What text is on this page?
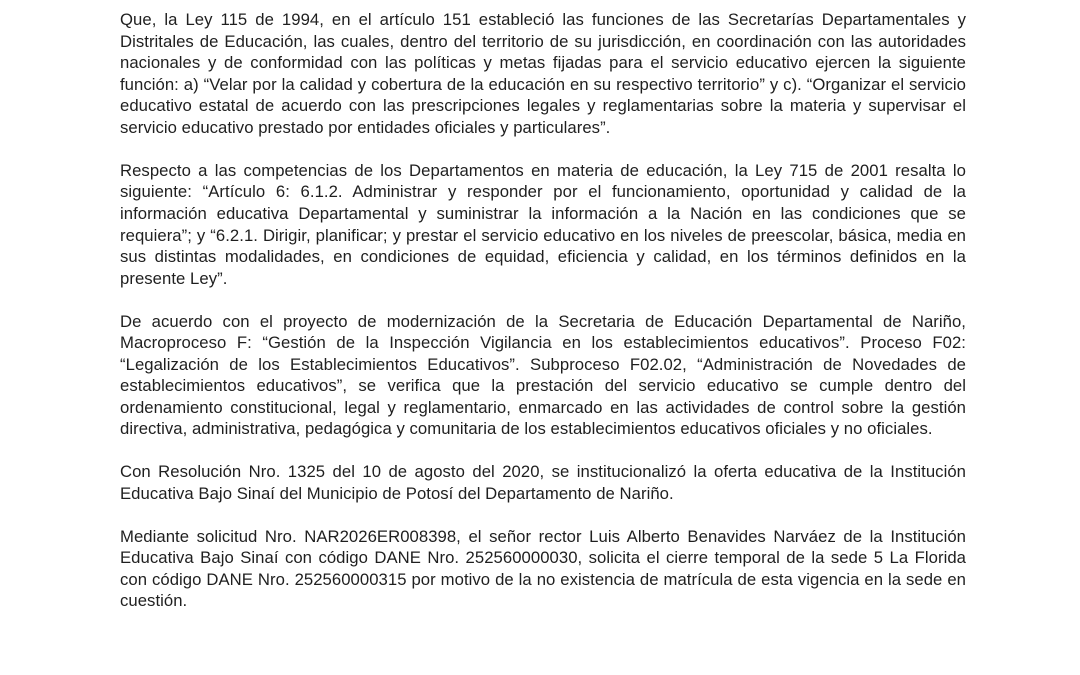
Que, la Ley 115 de 1994, en el artículo 151 estableció las funciones de las Secretarías Departamentales y Distritales de Educación, las cuales, dentro del territorio de su jurisdicción, en coordinación con las autoridades nacionales y de conformidad con las políticas y metas fijadas para el servicio educativo ejercen la siguiente función: a) “Velar por la calidad y cobertura de la educación en su respectivo territorio” y c). “Organizar el servicio educativo estatal de acuerdo con las prescripciones legales y reglamentarias sobre la materia y supervisar el servicio educativo prestado por entidades oficiales y particulares”.

Respecto a las competencias de los Departamentos en materia de educación, la Ley 715 de 2001 resalta lo siguiente: “Artículo 6: 6.1.2. Administrar y responder por el funcionamiento, oportunidad y calidad de la información educativa Departamental y suministrar la información a la Nación en las condiciones que se requiera”; y “6.2.1. Dirigir, planificar; y prestar el servicio educativo en los niveles de preescolar, básica, media en sus distintas modalidades, en condiciones de equidad, eficiencia y calidad, en los términos definidos en la presente Ley”.

De acuerdo con el proyecto de modernización de la Secretaria de Educación Departamental de Nariño, Macroproceso F: “Gestión de la Inspección Vigilancia en los establecimientos educativos”. Proceso F02: “Legalización de los Establecimientos Educativos”. Subproceso F02.02, “Administración de Novedades de establecimientos educativos”, se verifica que la prestación del servicio educativo se cumple dentro del ordenamiento constitucional, legal y reglamentario, enmarcado en las actividades de control sobre la gestión directiva, administrativa, pedagógica y comunitaria de los establecimientos educativos oficiales y no oficiales.

Con Resolución Nro. 1325 del 10 de agosto del 2020, se institucionalizó la oferta educativa de la Institución Educativa Bajo Sinaí del Municipio de Potosí del Departamento de Nariño.

Mediante solicitud Nro. NAR2026ER008398, el señor rector Luis Alberto Benavides Narváez de la Institución Educativa Bajo Sinaí con código DANE Nro. 252560000030, solicita el cierre temporal de la sede 5 La Florida con código DANE Nro. 252560000315 por motivo de la no existencia de matrícula de esta vigencia en la sede en cuestión.
